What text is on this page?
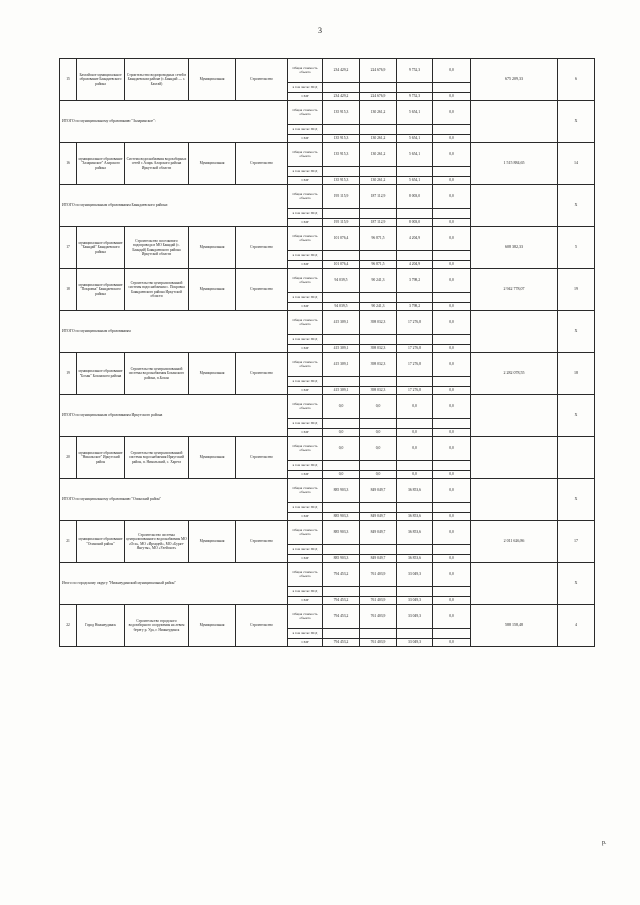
3
15	Бахтайское муниципальное образование Баяндаевского района	Строительство водопроводных сетей в Баяндаевском районе (с.Баяндай — с. Бахтай)	Муниципальная	Строительство	Общая стоимость объекта	234 429,2	224 676,9	9 752,3	0,0	675 209,33	6
					в том числе: ПСД						
					СМР	234 429,2	224 676,9	9 752,3	0,0		
ИТОГО по муниципальному образованию "Заларинское":					Общая стоимость объекта	135 915,3	130 261,2	5 654,1	0,0		Х
					в том числе: ПСД						
					СМР	135 915,3	130 261,2	5 654,1	0,0		
16	муниципальное образование "Заларинское" Аларского района	Система водоснабжения водозаборных сетей с.Аларь Аларского района Иркутской области	Муниципальная	Строительство	Общая стоимость объекта	135 915,3	130 261,2	5 654,1	0,0	1 515 884,65	14
					в том числе: ПСД						
					СМР	135 915,3	130 261,2	5 654,1	0,0		
ИТОГО по муниципальным образованиям Баяндаевского района:					Общая стоимость объекта	195 115,9	187 112,9	8 003,0	0,0		Х
					в том числе: ПСД						
					СМР	195 115,9	187 112,9	8 003,0	0,0		
17	муниципальное образование "Баяндай" Баяндаевского района	Строительство поселкового водопровода в МО Баяндай (с. Баяндай) Баяндаевского района Иркутской области	Муниципальная	Строительство	Общая стоимость объекта	101 076,4	96 871,5	4 204,9	0,0	608 382,33	5
					в том числе: ПСД						
					СМР	101 076,4	96 871,5	4 204,9	0,0		
18	муниципальное образование "Покровка" Баяндаевского района	Строительство централизованной системы водоснабжения с. Покровка Баяндаевского района Иркутской области	Муниципальная	Строительство	Общая стоимость объекта	94 039,5	90 241,3	3 798,2	0,0	2 942 778,07	19
					в том числе: ПСД						
					СМР	94 039,5	90 241,3	3 798,2	0,0		
ИТОГО по муниципальным образованиям					Общая стоимость объекта	415 309,1	398 032,3	17 276,8	0,0		Х
					в том числе: ПСД						
					СМР	415 309,1	398 032,3	17 276,8	0,0		
19	муниципальное образование "Бохан" Боханского района	Строительство централизованной системы водоснабжения Боханского района, п.Бохан	Муниципальная	Строительство	Общая стоимость объекта	415 309,1	398 032,3	17 276,8	0,0	2 282 078,55	18
					в том числе: ПСД						
					СМР	415 309,1	398 032,3	17 276,8	0,0		
ИТОГО по муниципальным образованиям Иркутского района					Общая стоимость объекта	0,0	0,0	0,0	0,0		Х
					в том числе: ПСД						
					СМР	0,0	0,0	0,0	0,0		
20	муниципальное образование "Никольское" Иркутский район	Строительство централизованной системы водоснабжения Иркутский район, п. Никольский, с. Харета	Муниципальная	Строительство	Общая стоимость объекта	0,0	0,0	0,0	0,0		
					в том числе: ПСД						
					СМР	0,0	0,0	0,0	0,0		
ИТОГО по муниципальному образованию "Осинский район"					Общая стоимость объекта	885 903,3	849 049,7	36 853,6	0,0		Х
					в том числе: ПСД						
					СМР	885 903,3	849 049,7	36 853,6	0,0		
21	муниципальное образование "Осинский район"	Строительство системы централизованного водоснабжения МО «Оса», МО «Ирхидей», МО «Бурят-Янгуты», МО «Улейское»	Муниципальная	Строительство	Общая стоимость объекта	885 903,3	849 049,7	36 853,6	0,0	2 011 626,86	17
					в том числе: ПСД						
					СМР	885 903,3	849 049,7	36 853,6	0,0		
Итого по городскому округу "Нижнеудинский муниципальный район"					Общая стоимость объекта	794 453,2	761 403,9	33 049,3	0,0		Х
					в том числе: ПСД						
					СМР	794 453,2	761 403,9	33 049,3	0,0		
22	Город Нижнеудинск	Строительство городского водозаборного сооружения на левом берегу р. Уда, г. Нижнеудинск	Муниципальная	Строительство	Общая стоимость объекта	794 453,2	761 403,9	33 049,3	0,0	588 158,48	4
					в том числе: ПСД						
					СМР	794 453,2	761 403,9	33 049,3	0,0		
р.
